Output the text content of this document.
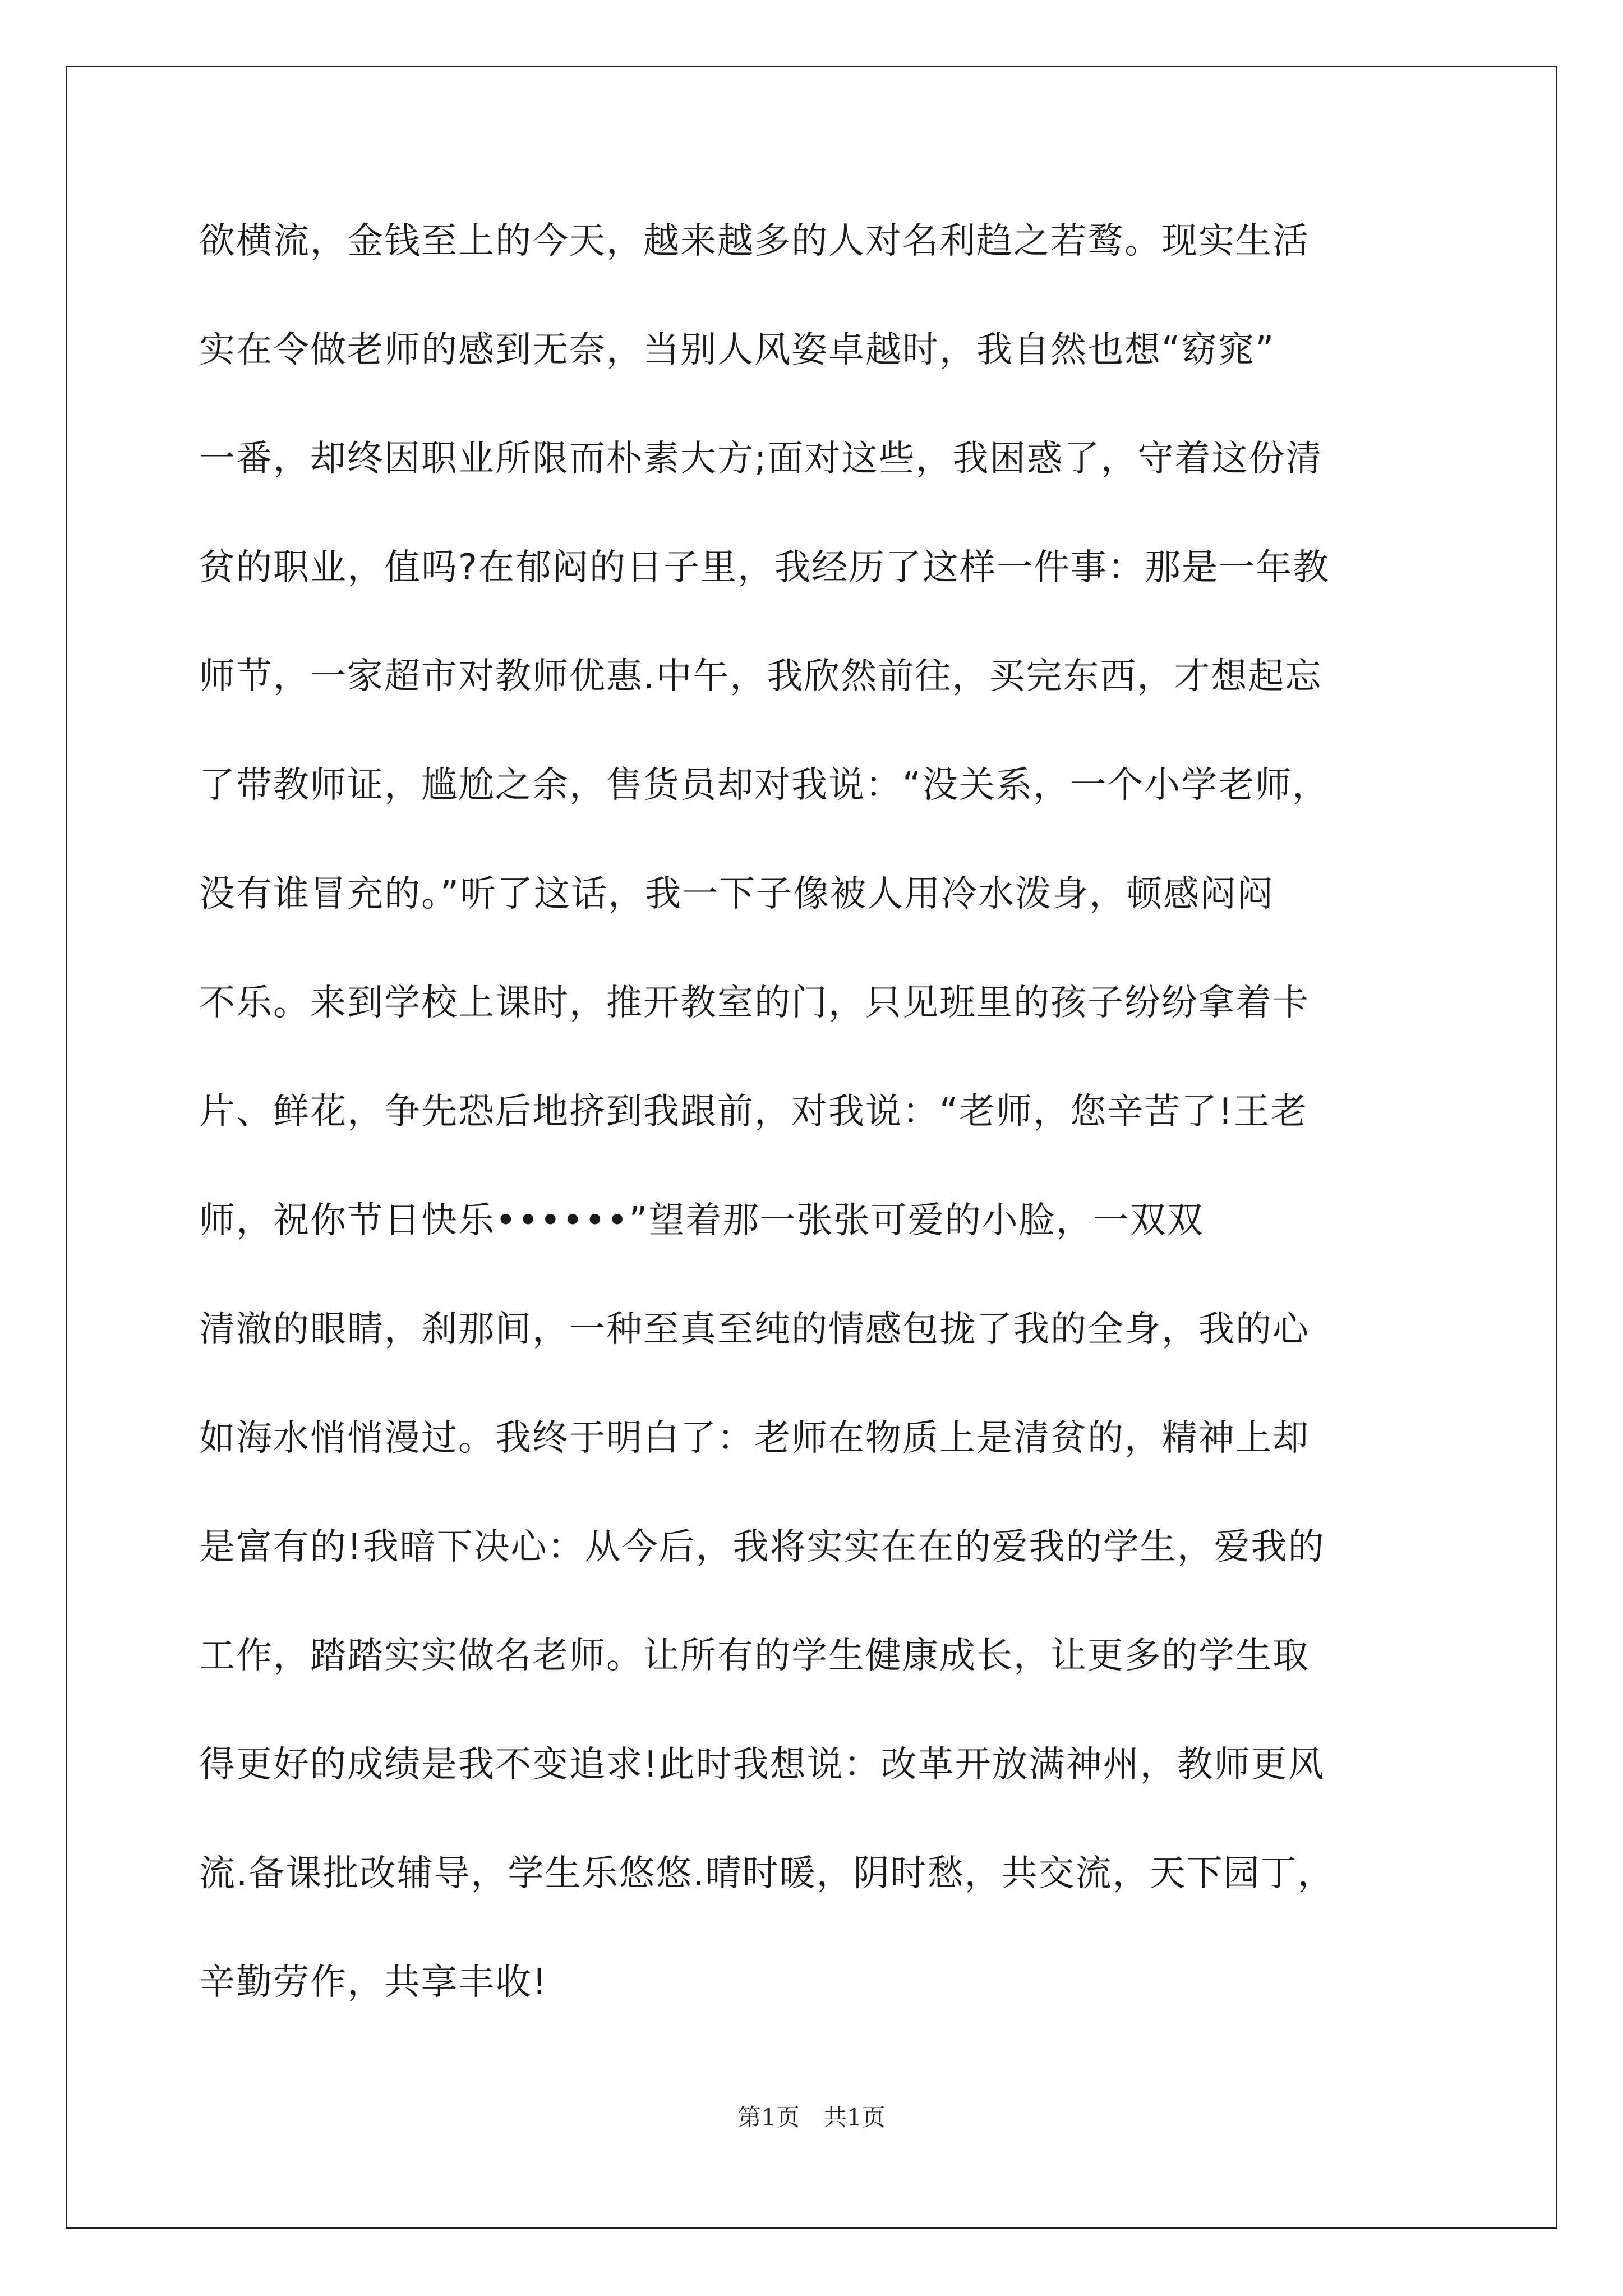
欲横流，金钱至上的今天，越来越多的人对名利趋之若鹜。现实生活
实在令做老师的感到无奈，当别人风姿卓越时，我自然也想“窈窕”
一番，却终因职业所限而朴素大方;面对这些，我困惑了，守着这份清
贫的职业，值吗?在郁闷的日子里，我经历了这样一件事：那是一年教
师节，一家超市对教师优惠.中午，我欣然前往，买完东西，才想起忘
了带教师证，尴尬之余，售货员却对我说：“没关系，一个小学老师，
没有谁冒充的。”听了这话，我一下子像被人用冷水泼身，顿感闷闷
不乐。来到学校上课时，推开教室的门，只见班里的孩子纷纷拿着卡
片、鲜花，争先恐后地挤到我跟前，对我说：“老师，您辛苦了!王老
师，祝你节日快乐••••••”望着那一张张可爱的小脸，一双双
清澈的眼睛，刹那间，一种至真至纯的情感包拢了我的全身，我的心
如海水悄悄漫过。我终于明白了：老师在物质上是清贫的，精神上却
是富有的!我暗下决心：从今后，我将实实在在的爱我的学生，爱我的
工作，踏踏实实做名老师。让所有的学生健康成长，让更多的学生取
得更好的成绩是我不变追求!此时我想说：改革开放满神州，教师更风
流.备课批改辅导，学生乐悠悠.晴时暖，阴时愁，共交流，天下园丁，
辛勤劳作，共享丰收!
第1页　共1页
